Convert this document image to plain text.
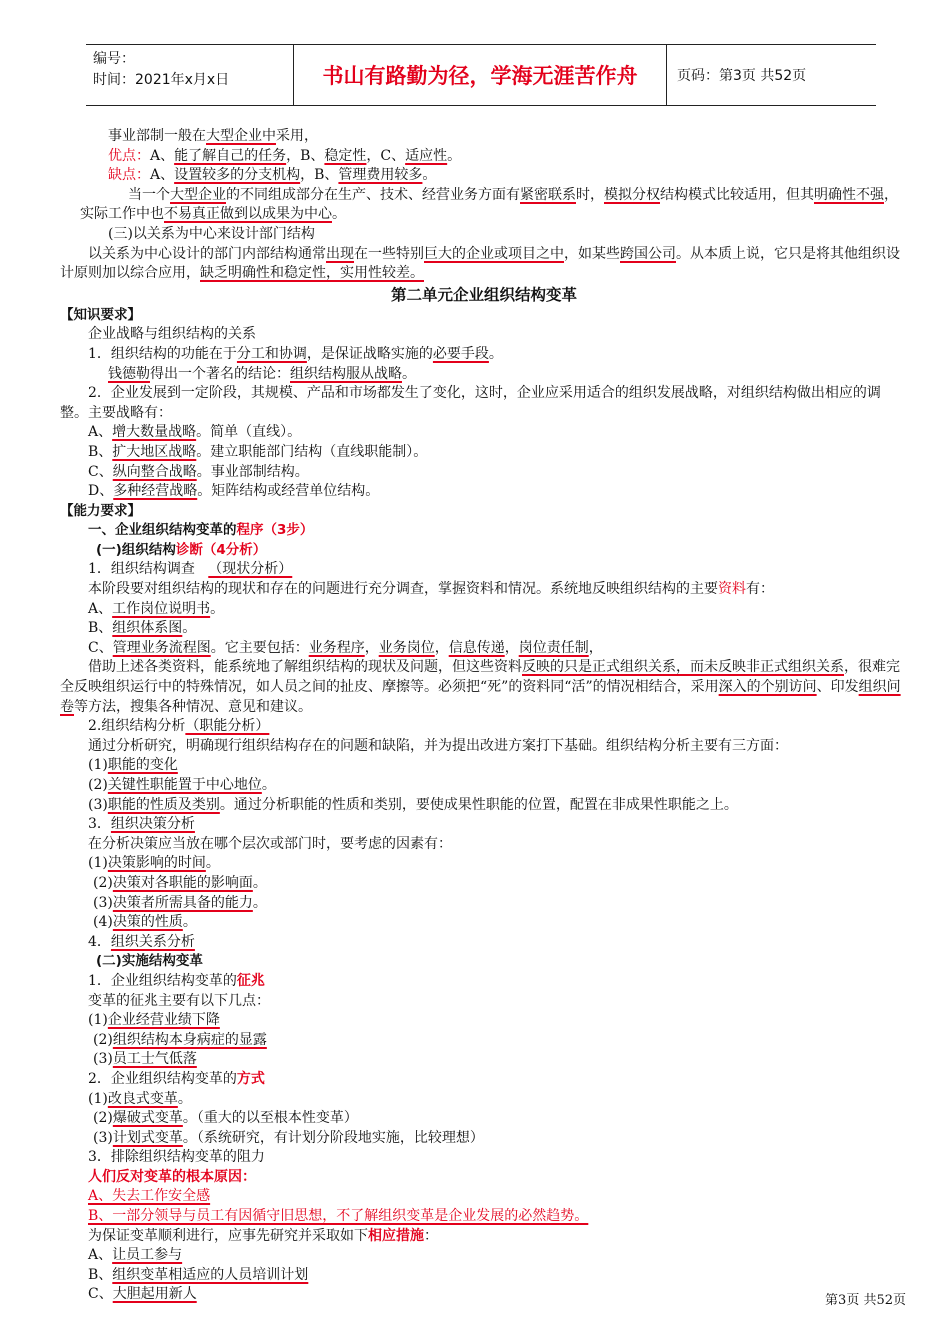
编号：
时间：2021年x月x日	书山有路勤为径，学海无涯苦作舟	页码：第3页 共52页

事业部制一般在大型企业中采用，

优点：A、能了解自己的任务，B、稳定性，C、适应性。

缺点：A、设置较多的分支机构，B、管理费用较多。

当一个大型企业的不同组成部分在生产、技术、经营业务方面有紧密联系时，模拟分权结构模式比较适用，但其明确性不强，实际工作中也不易真正做到以成果为中心。

(三)以关系为中心来设计部门结构

以关系为中心设计的部门内部结构通常出现在一些特别巨大的企业或项目之中，如某些跨国公司。从本质上说，它只是将其他组织设计原则加以综合应用，缺乏明确性和稳定性，实用性较差。

第二单元企业组织结构变革

【知识要求】

企业战略与组织结构的关系

1．组织结构的功能在于分工和协调，是保证战略实施的必要手段。

钱德勒得出一个著名的结论：组织结构服从战略。

2．企业发展到一定阶段，其规模、产品和市场都发生了变化，这时，企业应采用适合的组织发展战略，对组织结构做出相应的调整。主要战略有：

A、增大数量战略。简单（直线）。

B、扩大地区战略。建立职能部门结构（直线职能制）。

C、纵向整合战略。事业部制结构。

D、多种经营战略。矩阵结构或经营单位结构。

【能力要求】

一、企业组织结构变革的程序（3步）

(一)组织结构诊断（4分析）

1．组织结构调查   （现状分析）

本阶段要对组织结构的现状和存在的问题进行充分调查，掌握资料和情况。系统地反映组织结构的主要资料有：

A、工作岗位说明书。

B、组织体系图。

C、管理业务流程图。它主要包括：业务程序，业务岗位，信息传递，岗位责任制，

借助上述各类资料，能系统地了解组织结构的现状及问题，但这些资料反映的只是正式组织关系，而未反映非正式组织关系，很难完全反映组织运行中的特殊情况，如人员之间的扯皮、摩擦等。必须把“死”的资料同“活”的情况相结合，采用深入的个别访问、印发组织问卷等方法，搜集各种情况、意见和建议。

2.组织结构分析（职能分析）

通过分析研究，明确现行组织结构存在的问题和缺陷，并为提出改进方案打下基础。组织结构分析主要有三方面：

(1)职能的变化

(2)关键性职能置于中心地位。

(3)职能的性质及类别。通过分析职能的性质和类别，要使成果性职能的位置，配置在非成果性职能之上。

3．组织决策分析

在分析决策应当放在哪个层次或部门时，要考虑的因素有：

(1)决策影响的时间。

(2)决策对各职能的影响面。

(3)决策者所需具备的能力。

(4)决策的性质。

4．组织关系分析

(二)实施结构变革

1．企业组织结构变革的征兆

变革的征兆主要有以下几点：

(1)企业经营业绩下降

(2)组织结构本身病症的显露

(3)员工士气低落

2．企业组织结构变革的方式

(1)改良式变革。

(2)爆破式变革。（重大的以至根本性变革）

(3)计划式变革。（系统研究，有计划分阶段地实施，比较理想）

3．排除组织结构变革的阻力

人们反对变革的根本原因：

A、失去工作安全感

B、一部分领导与员工有因循守旧思想，不了解组织变革是企业发展的必然趋势。

为保证变革顺利进行，应事先研究并采取如下相应措施：

A、让员工参与

B、组织变革相适应的人员培训计划

C、大胆起用新人	第3页 共52页
